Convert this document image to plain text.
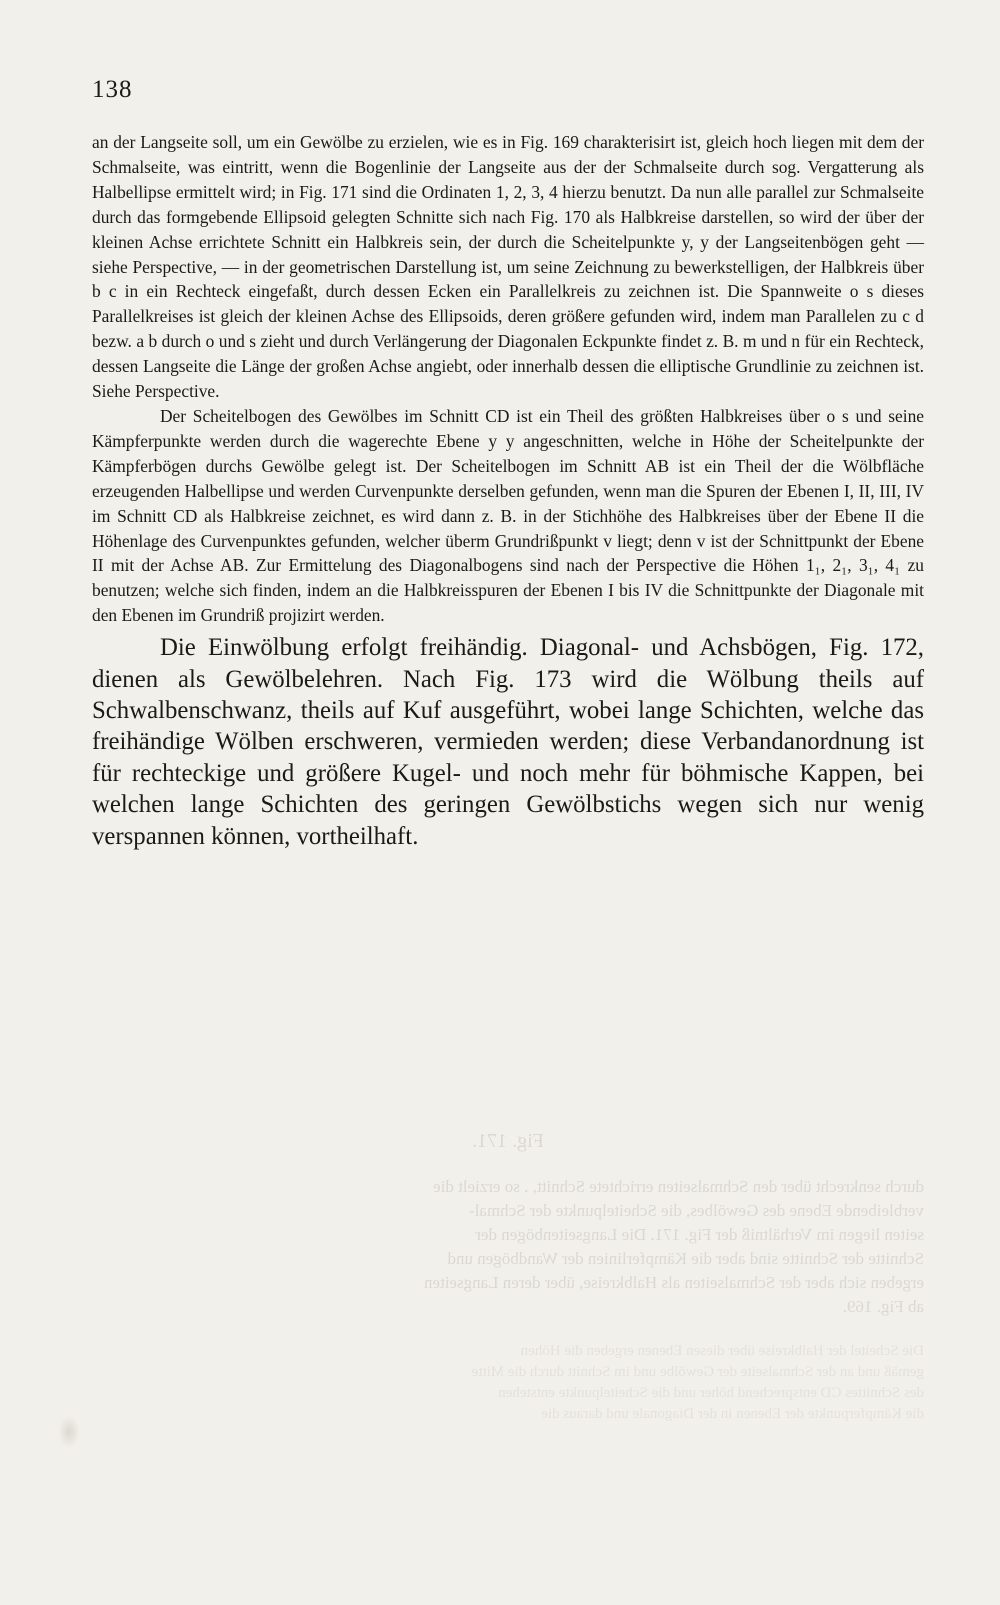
138

an der Langseite soll, um ein Gewölbe zu erzielen, wie es in Fig. 169 charakterisirt ist, gleich hoch liegen mit dem der Schmalseite, was eintritt, wenn die Bogenlinie der Langseite aus der der Schmalseite durch sog. Vergatterung als Halbellipse ermittelt wird; in Fig. 171 sind die Ordinaten 1, 2, 3, 4 hierzu benutzt. Da nun alle parallel zur Schmalseite durch das formgebende Ellipsoid gelegten Schnitte sich nach Fig. 170 als Halbkreise darstellen, so wird der über der kleinen Achse errichtete Schnitt ein Halbkreis sein, der durch die Scheitelpunkte y, y der Langseitenbögen geht — siehe Perspective, — in der geometrischen Darstellung ist, um seine Zeichnung zu bewerkstelligen, der Halbkreis über b c in ein Rechteck eingefaßt, durch dessen Ecken ein Parallelkreis zu zeichnen ist. Die Spannweite o s dieses Parallelkreises ist gleich der kleinen Achse des Ellipsoids, deren größere gefunden wird, indem man Parallelen zu c d bezw. a b durch o und s zieht und durch Verlängerung der Diagonalen Eckpunkte findet z. B. m und n für ein Rechteck, dessen Langseite die Länge der großen Achse angiebt, oder innerhalb dessen die elliptische Grundlinie zu zeichnen ist. Siehe Perspective.

Der Scheitelbogen des Gewölbes im Schnitt CD ist ein Theil des größten Halbkreises über o s und seine Kämpferpunkte werden durch die wagerechte Ebene y y angeschnitten, welche in Höhe der Scheitelpunkte der Kämpferbögen durchs Gewölbe gelegt ist. Der Scheitelbogen im Schnitt AB ist ein Theil der die Wölbfläche erzeugenden Halbellipse und werden Curvenpunkte derselben gefunden, wenn man die Spuren der Ebenen I, II, III, IV im Schnitt CD als Halbkreise zeichnet, es wird dann z. B. in der Stichhöhe des Halbkreises über der Ebene II die Höhenlage des Curvenpunktes gefunden, welcher überm Grundrißpunkt v liegt; denn v ist der Schnittpunkt der Ebene II mit der Achse AB. Zur Ermittelung des Diagonalbogens sind nach der Perspective die Höhen 1₁, 2₁, 3₁, 4₁ zu benutzen; welche sich finden, indem an die Halbkreisspuren der Ebenen I bis IV die Schnittpunkte der Diagonale mit den Ebenen im Grundriß projizirt werden.

Die Einwölbung erfolgt freihändig. Diagonal- und Achsbögen, Fig. 172, dienen als Gewölbelehren. Nach Fig. 173 wird die Wölbung theils auf Schwalbenschwanz, theils auf Kuf ausgeführt, wobei lange Schichten, welche das freihändige Wölben erschweren, vermieden werden; diese Verbandanordnung ist für rechteckige und größere Kugel- und noch mehr für böhmische Kappen, bei welchen lange Schichten des geringen Gewölbstichs wegen sich nur wenig verspannen können, vortheilhaft.

Fig. 171.
durch senkrecht über den Schmalseiten errichtete Schnitt, . so erzielt die
verbleibende Ebene des Gewölbes, die Scheitelpunkte der Schmal-
seiten liegen im Verhältniß der Fig. 171. Die Langseitenbögen der
Schnitte der Schnitte sind aber die Kämpferlinien der Wandbögen und
ergeben sich aber der Schmalseiten als Halbkreise, über deren Langseiten
ab Fig. 169.
Die Scheitel der Halbkreise über diesen Ebenen ergeben die Höhen
gemäß und an der Schmalseite der Gewölbe und im Schnitt durch die Mitte
des Schnittes CD entsprechend höher und die Scheitelpunkte entstehen
die Kämpferpunkte der Ebenen in der Diagonale und daraus die
